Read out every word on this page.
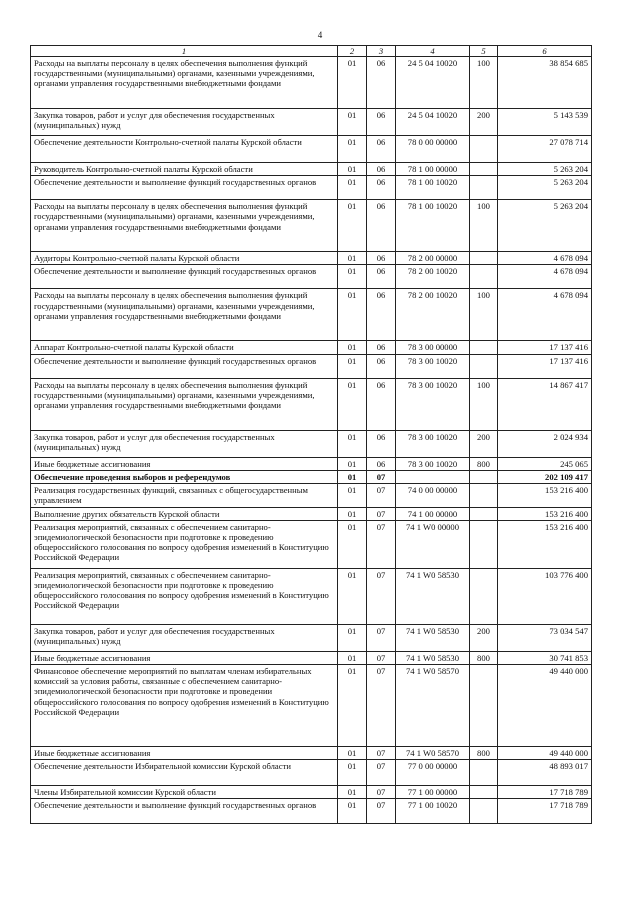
4
1	2	3	4	5	6
Расходы на выплаты персоналу в целях обеспечения выполнения функций государственными (муниципальными) органами, казенными учреждениями, органами управления государственными внебюджетными фондами	01	06	24 5 04 10020	100	38 854 685
Закупка товаров, работ и услуг для обеспечения государственных (муниципальных) нужд	01	06	24 5 04 10020	200	5 143 539
Обеспечение деятельности Контрольно-счетной палаты Курской области	01	06	78 0 00 00000		27 078 714
Руководитель Контрольно-счетной палаты Курской области	01	06	78 1 00 00000		5 263 204
Обеспечение деятельности и выполнение функций государственных органов	01	06	78 1 00 10020		5 263 204
Расходы на выплаты персоналу в целях обеспечения выполнения функций государственными (муниципальными) органами, казенными учреждениями, органами управления государственными внебюджетными фондами	01	06	78 1 00 10020	100	5 263 204
Аудиторы Контрольно-счетной палаты Курской области	01	06	78 2 00 00000		4 678 094
Обеспечение деятельности и выполнение функций государственных органов	01	06	78 2 00 10020		4 678 094
Расходы на выплаты персоналу в целях обеспечения выполнения функций государственными (муниципальными) органами, казенными учреждениями, органами управления государственными внебюджетными фондами	01	06	78 2 00 10020	100	4 678 094
Аппарат Контрольно-счетной палаты Курской области	01	06	78 3 00 00000		17 137 416
Обеспечение деятельности и выполнение функций государственных органов	01	06	78 3 00 10020		17 137 416
Расходы на выплаты персоналу в целях обеспечения выполнения функций государственными (муниципальными) органами, казенными учреждениями, органами управления государственными внебюджетными фондами	01	06	78 3 00 10020	100	14 867 417
Закупка товаров, работ и услуг для обеспечения государственных (муниципальных) нужд	01	06	78 3 00 10020	200	2 024 934
Иные бюджетные ассигнования	01	06	78 3 00 10020	800	245 065
Обеспечение проведения выборов и референдумов	01	07			202 109 417
Реализация государственных функций, связанных с общегосударственным управлением	01	07	74 0 00 00000		153 216 400
Выполнение других обязательств Курской области	01	07	74 1 00 00000		153 216 400
Реализация мероприятий, связанных с обеспечением санитарно-эпидемиологической безопасности при подготовке к проведению общероссийского голосования по вопросу одобрения изменений в Конституцию Российской Федерации	01	07	74 1 W0 00000		153 216 400
Реализация мероприятий, связанных с обеспечением санитарно-эпидемиологической безопасности при подготовке к проведению общероссийского голосования по вопросу одобрения изменений в Конституцию Российской Федерации	01	07	74 1 W0 58530		103 776 400
Закупка товаров, работ и услуг для обеспечения государственных (муниципальных) нужд	01	07	74 1 W0 58530	200	73 034 547
Иные бюджетные ассигнования	01	07	74 1 W0 58530	800	30 741 853
Финансовое обеспечение мероприятий по выплатам членам избирательных комиссий за условия работы, связанные с обеспечением санитарно-эпидемиологической безопасности при подготовке и проведении общероссийского голосования по вопросу одобрения изменений в Конституцию Российской Федерации	01	07	74 1 W0 58570		49 440 000
Иные бюджетные ассигнования	01	07	74 1 W0 58570	800	49 440 000
Обеспечение деятельности Избирательной комиссии Курской области	01	07	77 0 00 00000		48 893 017
Члены Избирательной комиссии Курской области	01	07	77 1 00 00000		17 718 789
Обеспечение деятельности и выполнение функций государственных органов	01	07	77 1 00 10020		17 718 789
